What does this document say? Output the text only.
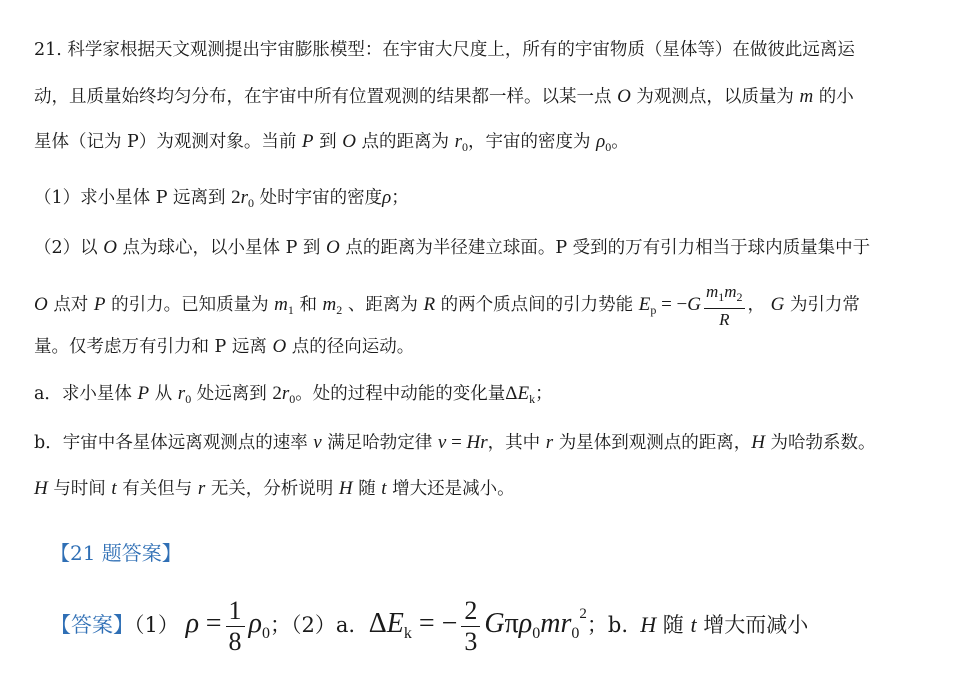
21. 科学家根据天文观测提出宇宙膨胀模型：在宇宙大尺度上，所有的宇宙物质（星体等）在做彼此远离运
动，且质量始终均匀分布，在宇宙中所有位置观测的结果都一样。以某一点 O 为观测点，以质量为 m 的小
星体（记为 P）为观测对象。当前 P 到 O 点的距离为 $r_0$，宇宙的密度为 $\rho_0$。
（1）求小星体 P 远离到 $2r_0$ 处时宇宙的密度ρ；
（2）以 O 点为球心，以小星体 P 到 O 点的距离为半径建立球面。P 受到的万有引力相当于球内质量集中于
O 点对 P 的引力。已知质量为 $m_1$ 和 $m_2$ 、距离为 R 的两个质点间的引力势能 $E_p = -G \frac{m_1m_2}{R}$ ， G 为引力常
量。仅考虑万有引力和 P 远离 O 点的径向运动。
a．求小星体 P 从 $r_0$ 处远离到 $2r_0$。处的过程中动能的变化量$\Delta E_k$；
b．宇宙中各星体远离观测点的速率 v 满足哈勃定律 v = Hr，其中 r 为星体到观测点的距离，H 为哈勃系数。
H 与时间 t 有关但与 r 无关，分析说明 H 随 t 增大还是减小。
【21 题答案】
【答案】（1） $\rho = \frac{1}{8} \rho_0$；（2）a.  $\Delta E_k$ = − $\frac{2}{3} G\pi\rho_0mr_0^2$；b.  H 随 t 增大而减小
